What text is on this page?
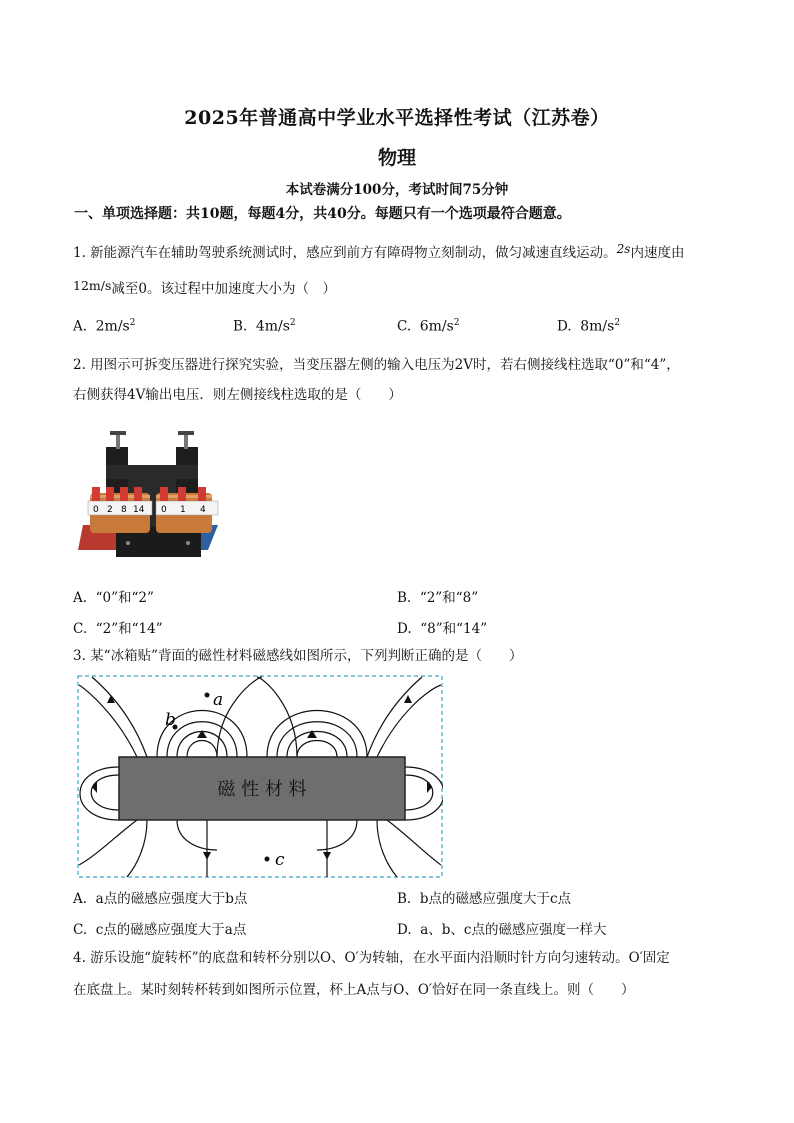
2025年普通高中学业水平选择性考试（江苏卷）
物理
本试卷满分100分，考试时间75分钟
一、单项选择题：共10题，每题4分，共40分。每题只有一个选项最符合题意。
1. 新能源汽车在辅助驾驶系统测试时，感应到前方有障碍物立刻制动，做匀减速直线运动。2s内速度由
12m/s减至0。该过程中加速度大小为（　）
A. $2m/s^2$	B. $4m/s^2$	C. $6m/s^2$	D. $8m/s^2$
2. 用图示可拆变压器进行探究实验，当变压器左侧的输入电压为2V时，若右侧接线柱选取“0”和“4”，
右侧获得4V输出电压．则左侧接线柱选取的是（　　）
0 2 8 14 0 1 4
A. “0”和“2”	B. “2”和“8”
C. “2”和“14”	D. “8”和“14”
3. 某“冰箱贴”背面的磁性材料磁感线如图所示，下列判断正确的是（　　）
磁 性 材 料
a
b
c
A. a点的磁感应强度大于b点	B. b点的磁感应强度大于c点
C. c点的磁感应强度大于a点	D. a、b、c点的磁感应强度一样大
4. 游乐设施“旋转杯”的底盘和转杯分别以O、O′为转轴，在水平面内沿顺时针方向匀速转动。O′固定
在底盘上。某时刻转杯转到如图所示位置，杯上A点与O、O′恰好在同一条直线上。则（　　）
